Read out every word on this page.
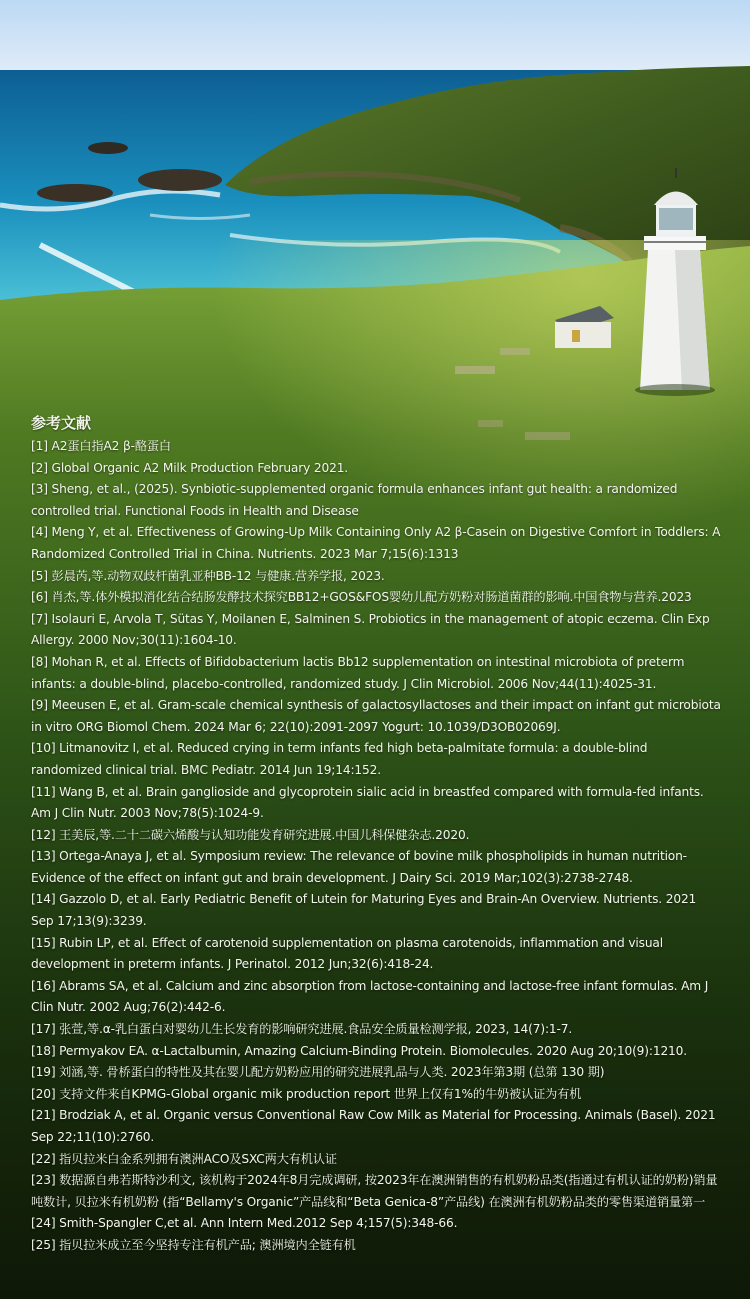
参考文献

[1] A2蛋白指A2 β-酪蛋白

[2] Global Organic A2 Milk Production February 2021.

[3] Sheng, et al., (2025). Synbiotic-supplemented organic formula enhances infant gut health: a randomized controlled trial. Functional Foods in Health and Disease

[4] Meng Y, et al. Effectiveness of Growing-Up Milk Containing Only A2 β-Casein on Digestive Comfort in Toddlers: A Randomized Controlled Trial in China. Nutrients. 2023 Mar 7;15(6):1313

[5] 彭晨芮,等.动物双歧杆菌乳亚种BB-12 与健康.营养学报, 2023.

[6] 肖杰,等.体外模拟消化结合结肠发酵技术探究BB12+GOS&FOS婴幼儿配方奶粉对肠道菌群的影响.中国食物与营养.2023

[7] Isolauri E, Arvola T, Sütas Y, Moilanen E, Salminen S. Probiotics in the management of atopic eczema. Clin Exp Allergy. 2000 Nov;30(11):1604-10.

[8] Mohan R, et al. Effects of Bifidobacterium lactis Bb12 supplementation on intestinal microbiota of preterm infants: a double-blind, placebo-controlled, randomized study. J Clin Microbiol. 2006 Nov;44(11):4025-31.

[9] Meeusen E, et al. Gram-scale chemical synthesis of galactosyllactoses and their impact on infant gut microbiota in vitro ORG Biomol Chem. 2024 Mar 6; 22(10):2091-2097 Yogurt: 10.1039/D3OB02069J.

[10] Litmanovitz I, et al. Reduced crying in term infants fed high beta-palmitate formula: a double-blind randomized clinical trial. BMC Pediatr. 2014 Jun 19;14:152.

[11] Wang B, et al. Brain ganglioside and glycoprotein sialic acid in breastfed compared with formula-fed infants. Am J Clin Nutr. 2003 Nov;78(5):1024-9.

[12] 王美辰,等.二十二碳六烯酸与认知功能发育研究进展.中国儿科保健杂志.2020.

[13] Ortega-Anaya J, et al. Symposium review: The relevance of bovine milk phospholipids in human nutrition-Evidence of the effect on infant gut and brain development. J Dairy Sci. 2019 Mar;102(3):2738-2748.

[14] Gazzolo D, et al. Early Pediatric Benefit of Lutein for Maturing Eyes and Brain-An Overview. Nutrients. 2021 Sep 17;13(9):3239.

[15] Rubin LP, et al. Effect of carotenoid supplementation on plasma carotenoids, inflammation and visual development in preterm infants. J Perinatol. 2012 Jun;32(6):418-24.

[16] Abrams SA, et al. Calcium and zinc absorption from lactose-containing and lactose-free infant formulas. Am J Clin Nutr. 2002 Aug;76(2):442-6.

[17] 张萱,等.α-乳白蛋白对婴幼儿生长发育的影响研究进展.食品安全质量检测学报, 2023, 14(7):1-7.

[18] Permyakov EA. α-Lactalbumin, Amazing Calcium-Binding Protein. Biomolecules. 2020 Aug 20;10(9):1210.

[19] 刘涵,等. 骨桥蛋白的特性及其在婴儿配方奶粉应用的研究进展乳品与人类. 2023年第3期 (总第 130 期)

[20] 支持文件来自KPMG-Global organic mik production report 世界上仅有1%的牛奶被认证为有机

[21] Brodziak A, et al. Organic versus Conventional Raw Cow Milk as Material for Processing. Animals (Basel). 2021 Sep 22;11(10):2760.

[22] 指贝拉米白金系列拥有澳洲ACO及SXC两大有机认证

[23] 数据源自弗若斯特沙利文, 该机构于2024年8月完成调研, 按2023年在澳洲销售的有机奶粉品类(指通过有机认证的奶粉)销量吨数计, 贝拉米有机奶粉 (指“Bellamy's Organic”产品线和“Beta Genica-8”产品线) 在澳洲有机奶粉品类的零售渠道销量第一

[24] Smith-Spangler C,et al. Ann Intern Med.2012 Sep 4;157(5):348-66.

[25] 指贝拉米成立至今坚持专注有机产品; 澳洲境内全链有机
